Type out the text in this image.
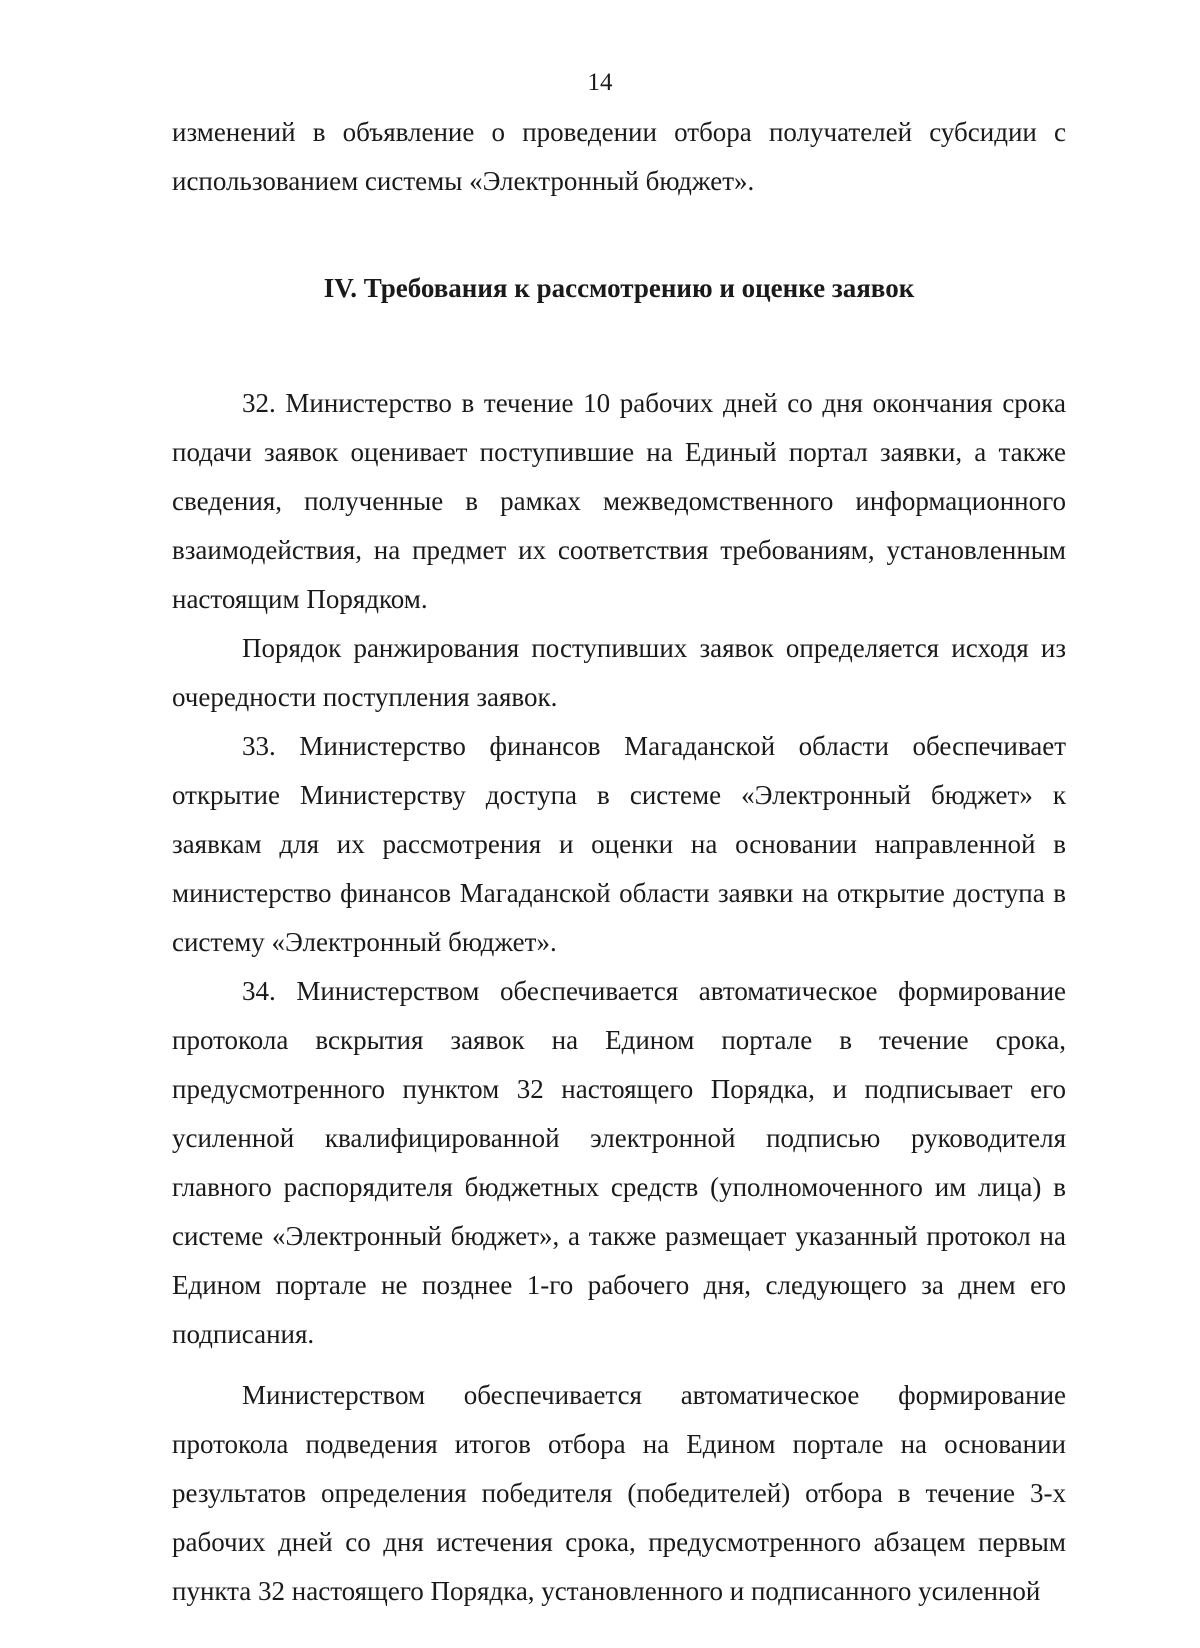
14

изменений в объявление о проведении отбора получателей субсидии с использованием системы «Электронный бюджет».

IV. Требования к рассмотрению и оценке заявок

32. Министерство в течение 10 рабочих дней со дня окончания срока подачи заявок оценивает поступившие на Единый портал заявки, а также сведения, полученные в рамках межведомственного информационного взаимодействия, на предмет их соответствия требованиям, установленным настоящим Порядком.

Порядок ранжирования поступивших заявок определяется исходя из очередности поступления заявок.

33. Министерство финансов Магаданской области обеспечивает открытие Министерству доступа в системе «Электронный бюджет» к заявкам для их рассмотрения и оценки на основании направленной в министерство финансов Магаданской области заявки на открытие доступа в систему «Электронный бюджет».

34. Министерством обеспечивается автоматическое формирование протокола вскрытия заявок на Едином портале в течение срока, предусмотренного пунктом 32 настоящего Порядка, и подписывает его усиленной квалифицированной электронной подписью руководителя главного распорядителя бюджетных средств (уполномоченного им лица) в системе «Электронный бюджет», а также размещает указанный протокол на Едином портале не позднее 1-го рабочего дня, следующего за днем его подписания.

Министерством обеспечивается автоматическое формирование протокола подведения итогов отбора на Едином портале на основании результатов определения победителя (победителей) отбора в течение 3-х рабочих дней со дня истечения срока, предусмотренного абзацем первым пункта 32 настоящего Порядка, установленного и подписанного усиленной
